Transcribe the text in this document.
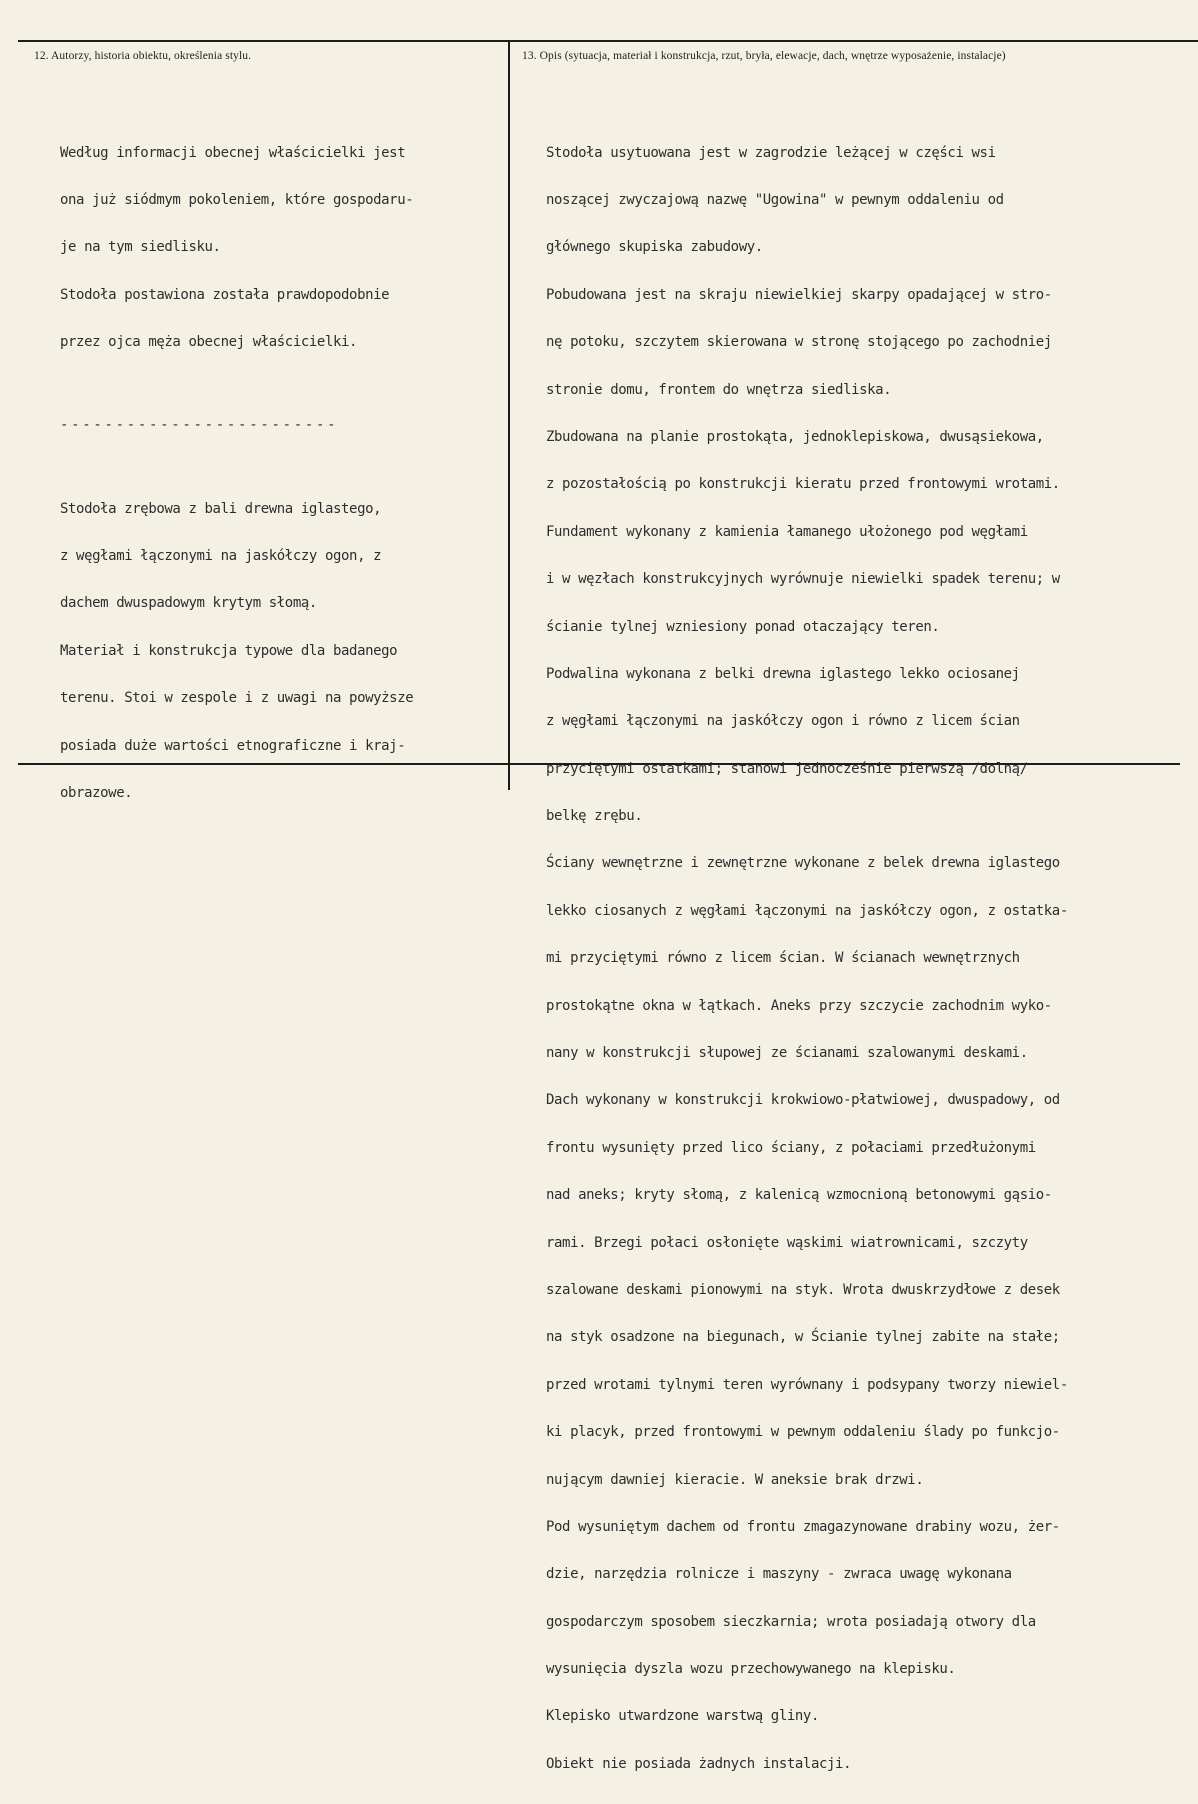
12. Autorzy, historia obiektu, określenia stylu.	13. Opis (sytuacja, materiał i konstrukcja, rzut, bryła, elewacje, dach, wnętrze wyposażenie, instalacje)

Według informacji obecnej właścicielki jest

ona już siódmym pokoleniem, które gospodaru-

je na tym siedlisku.

Stodoła postawiona została prawdopodobnie

przez ojca męża obecnej właścicielki.

-------------------------

Stodoła zrębowa z bali drewna iglastego,

z węgłami łączonymi na jaskółczy ogon, z

dachem dwuspadowym krytym słomą.

Materiał i konstrukcja typowe dla badanego

terenu. Stoi w zespole i z uwagi na powyższe

posiada duże wartości etnograficzne i kraj-

obrazowe.

Stodoła usytuowana jest w zagrodzie leżącej w części wsi

noszącej zwyczajową nazwę "Ugowina" w pewnym oddaleniu od

głównego skupiska zabudowy.

Pobudowana jest na skraju niewielkiej skarpy opadającej w stro-

nę potoku, szczytem skierowana w stronę stojącego po zachodniej

stronie domu, frontem do wnętrza siedliska.

Zbudowana na planie prostokąta, jednoklepiskowa, dwusąsiekowa,

z pozostałością po konstrukcji kieratu przed frontowymi wrotami.

Fundament wykonany z kamienia łamanego ułożonego pod węgłami

i w węzłach konstrukcyjnych wyrównuje niewielki spadek terenu; w

ścianie tylnej wzniesiony ponad otaczający teren.

Podwalina wykonana z belki drewna iglastego lekko ociosanej

z węgłami łączonymi na jaskółczy ogon i równo z licem ścian

przyciętymi ostatkami; stanowi jednocześnie pierwszą /dolną/

belkę zrębu.

Ściany wewnętrzne i zewnętrzne wykonane z belek drewna iglastego

lekko ciosanych z węgłami łączonymi na jaskółczy ogon, z ostatka-

mi przyciętymi równo z licem ścian. W ścianach wewnętrznych

prostokątne okna w łątkach. Aneks przy szczycie zachodnim wyko-

nany w konstrukcji słupowej ze ścianami szalowanymi deskami.

Dach wykonany w konstrukcji krokwiowo-płatwiowej, dwuspadowy, od

frontu wysunięty przed lico ściany, z połaciami przedłużonymi

nad aneks; kryty słomą, z kalenicą wzmocnioną betonowymi gąsio-

rami. Brzegi połaci osłonięte wąskimi wiatrownicami, szczyty

szalowane deskami pionowymi na styk. Wrota dwuskrzydłowe z desek

na styk osadzone na biegunach, w Ścianie tylnej zabite na stałe;

przed wrotami tylnymi teren wyrównany i podsypany tworzy niewiel-

ki placyk, przed frontowymi w pewnym oddaleniu ślady po funkcjo-

nującym dawniej kieracie. W aneksie brak drzwi.

Pod wysuniętym dachem od frontu zmagazynowane drabiny wozu, żer-

dzie, narzędzia rolnicze i maszyny - zwraca uwagę wykonana

gospodarczym sposobem sieczkarnia; wrota posiadają otwory dla

wysunięcia dyszla wozu przechowywanego na klepisku.

Klepisko utwardzone warstwą gliny.

Obiekt nie posiada żadnych instalacji.
